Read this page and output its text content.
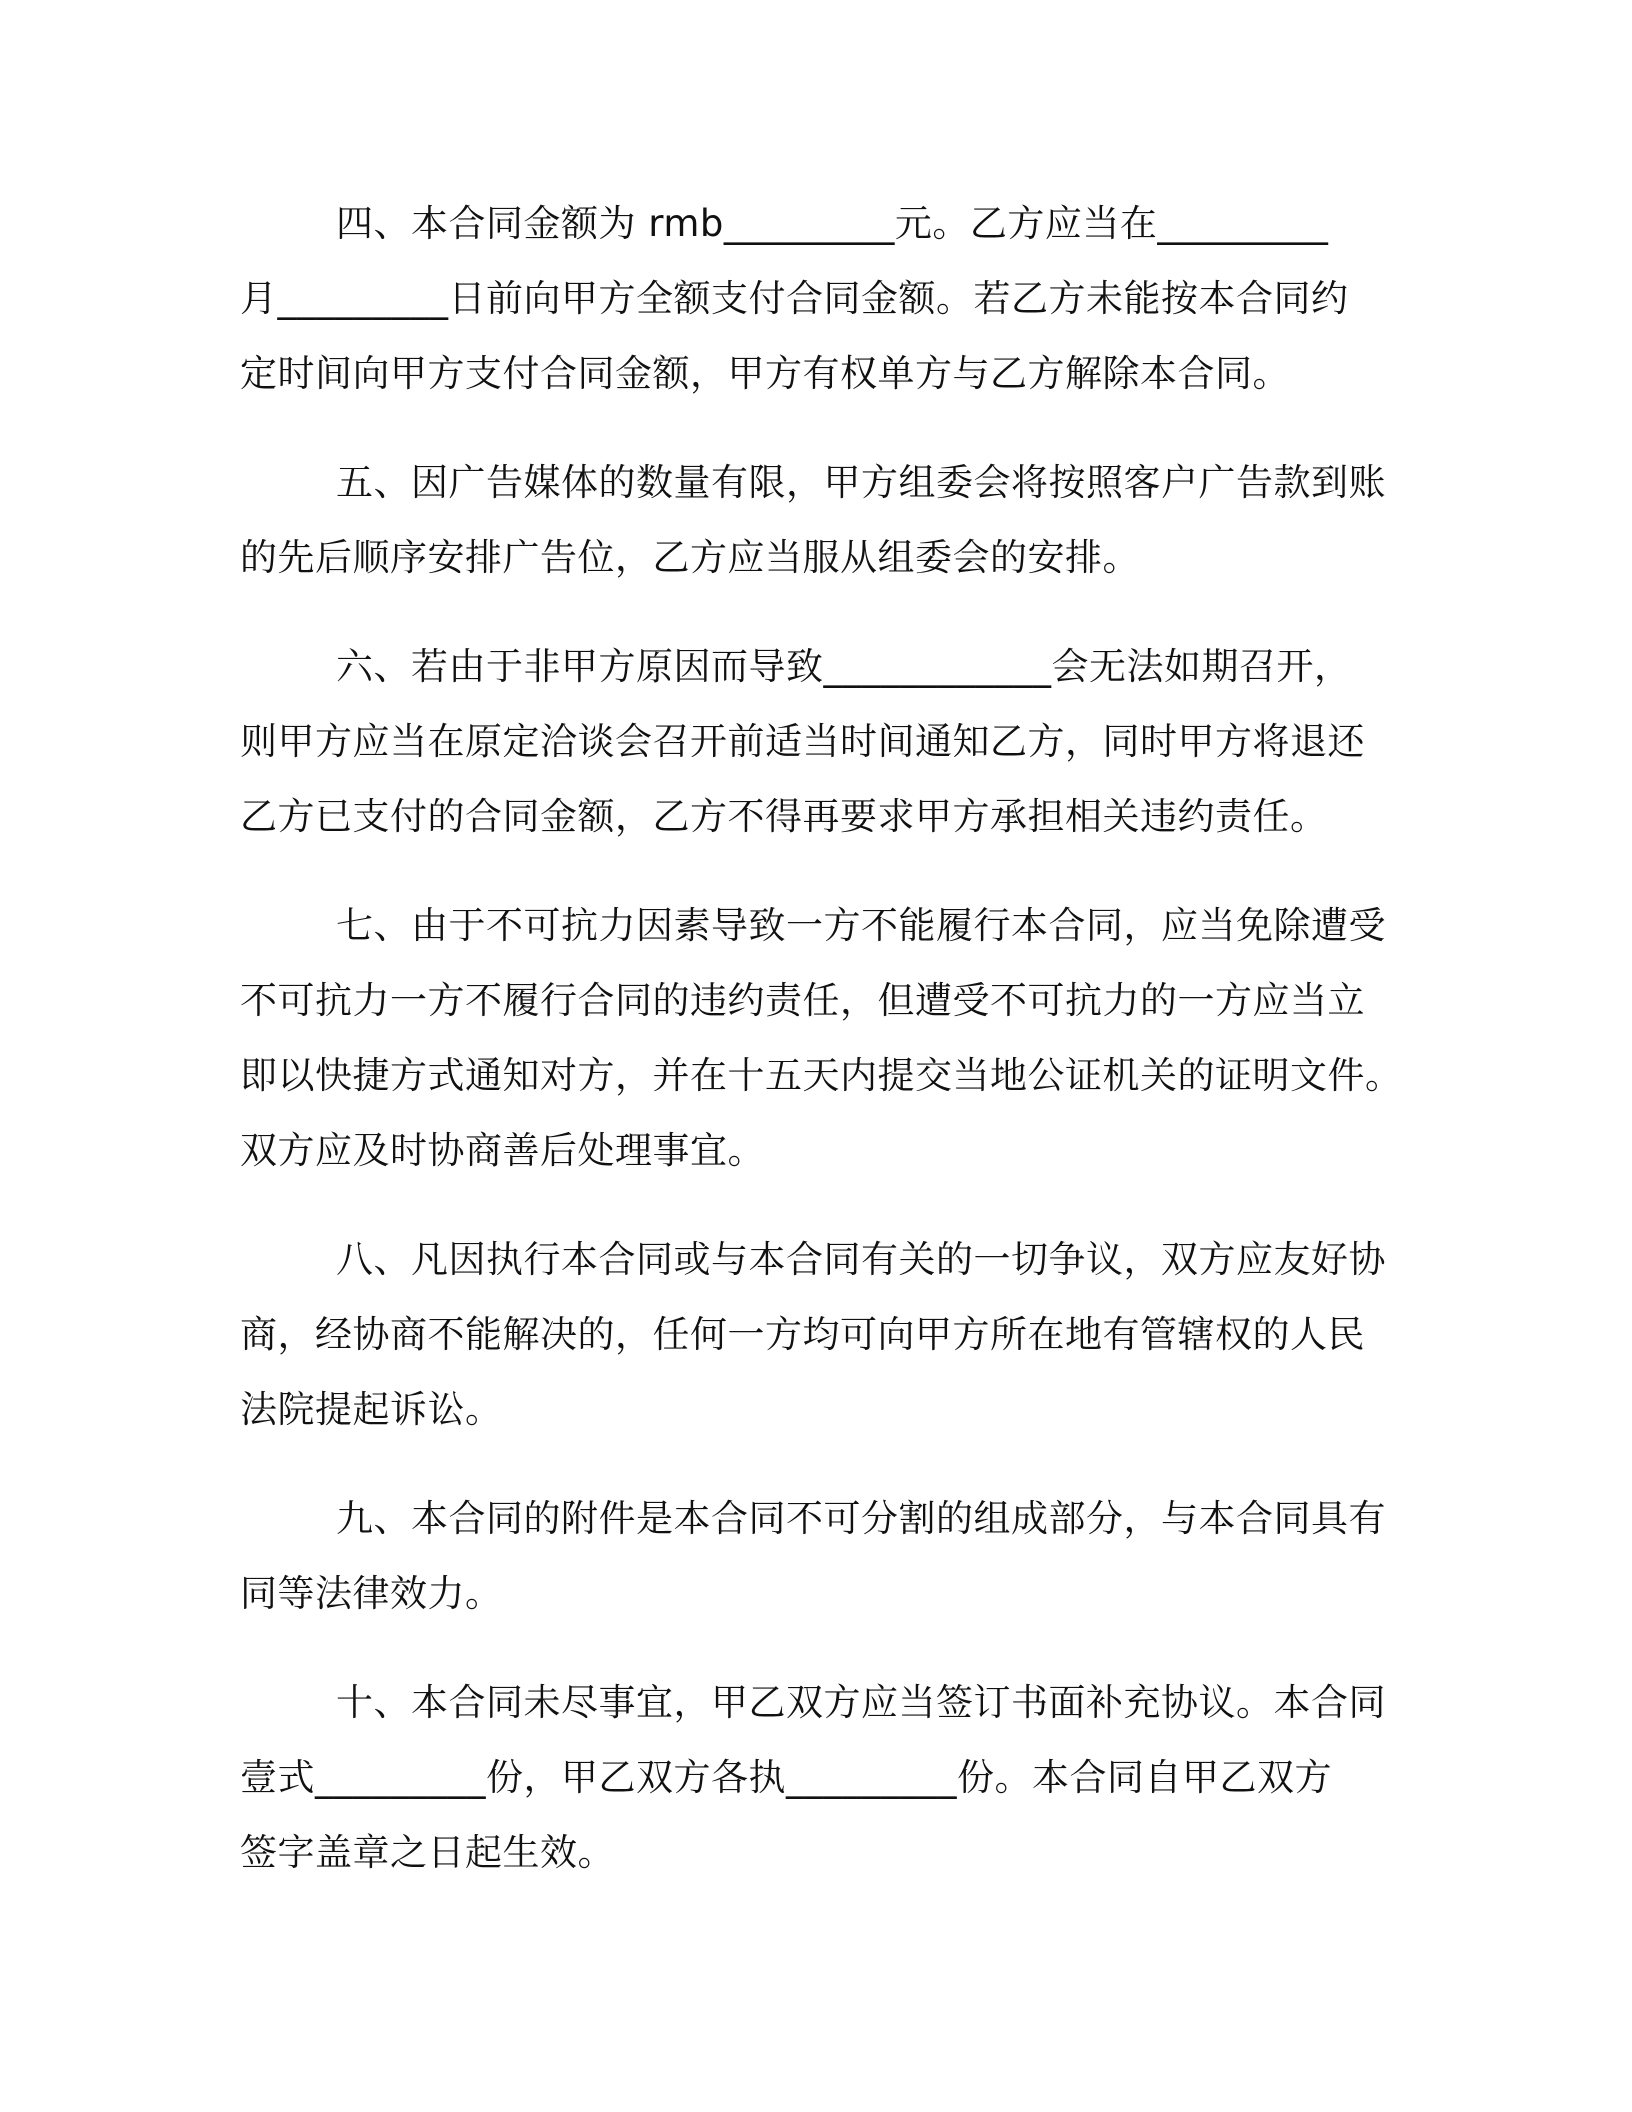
四、本合同金额为 rmb_________元。乙方应当在_________
月_________日前向甲方全额支付合同金额。若乙方未能按本合同约
定时间向甲方支付合同金额，甲方有权单方与乙方解除本合同。

五、因广告媒体的数量有限，甲方组委会将按照客户广告款到账
的先后顺序安排广告位，乙方应当服从组委会的安排。

六、若由于非甲方原因而导致____________会无法如期召开，
则甲方应当在原定洽谈会召开前适当时间通知乙方，同时甲方将退还
乙方已支付的合同金额，乙方不得再要求甲方承担相关违约责任。

七、由于不可抗力因素导致一方不能履行本合同，应当免除遭受
不可抗力一方不履行合同的违约责任，但遭受不可抗力的一方应当立
即以快捷方式通知对方，并在十五天内提交当地公证机关的证明文件。
双方应及时协商善后处理事宜。

八、凡因执行本合同或与本合同有关的一切争议，双方应友好协
商，经协商不能解决的，任何一方均可向甲方所在地有管辖权的人民
法院提起诉讼。

九、本合同的附件是本合同不可分割的组成部分，与本合同具有
同等法律效力。

十、本合同未尽事宜，甲乙双方应当签订书面补充协议。本合同
壹式_________份，甲乙双方各执_________份。本合同自甲乙双方
签字盖章之日起生效。
